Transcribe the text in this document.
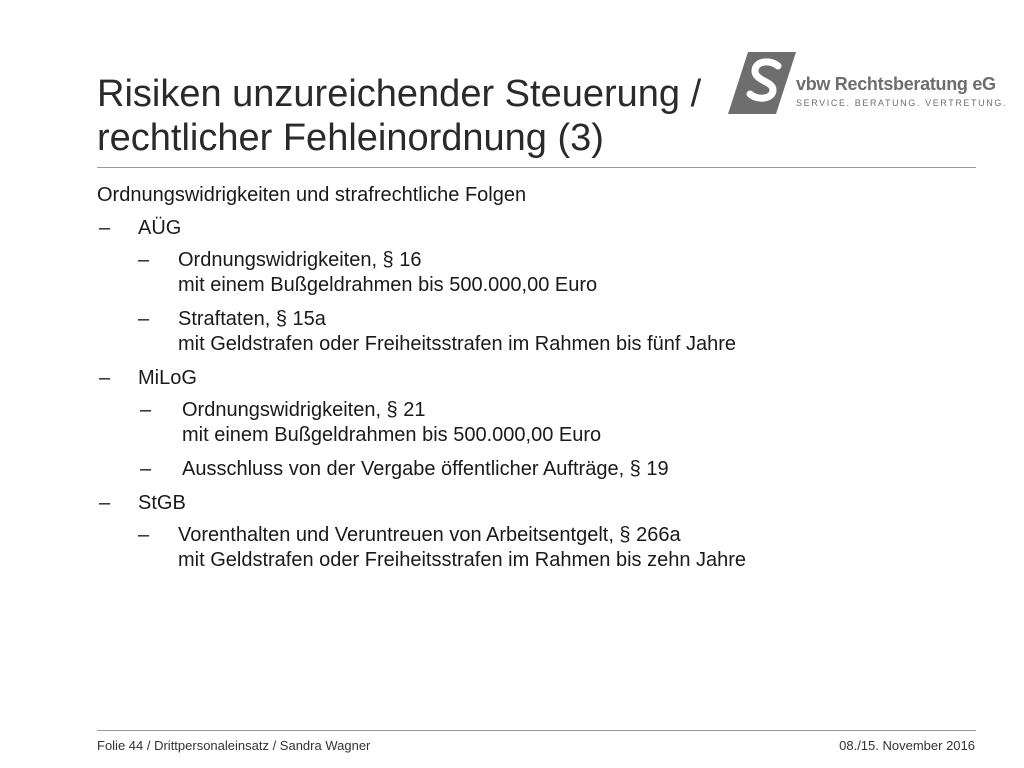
Risiken unzureichender Steuerung /
rechtlicher Fehleinordnung (3)
vbw Rechtsberatung eG
SERVICE. BERATUNG. VERTRETUNG.

Ordnungswidrigkeiten und strafrechtliche Folgen

– AÜG
– Ordnungswidrigkeiten, § 16
mit einem Bußgeldrahmen bis 500.000,00 Euro
– Straftaten, § 15a
mit Geldstrafen oder Freiheitsstrafen im Rahmen bis fünf Jahre
– MiLoG
– Ordnungswidrigkeiten, § 21
mit einem Bußgeldrahmen bis 500.000,00 Euro
– Ausschluss von der Vergabe öffentlicher Aufträge, § 19
– StGB
– Vorenthalten und Veruntreuen von Arbeitsentgelt, § 266a
mit Geldstrafen oder Freiheitsstrafen im Rahmen bis zehn Jahre
Folie 44 / Drittpersonaleinsatz / Sandra Wagner	08./15. November 2016
